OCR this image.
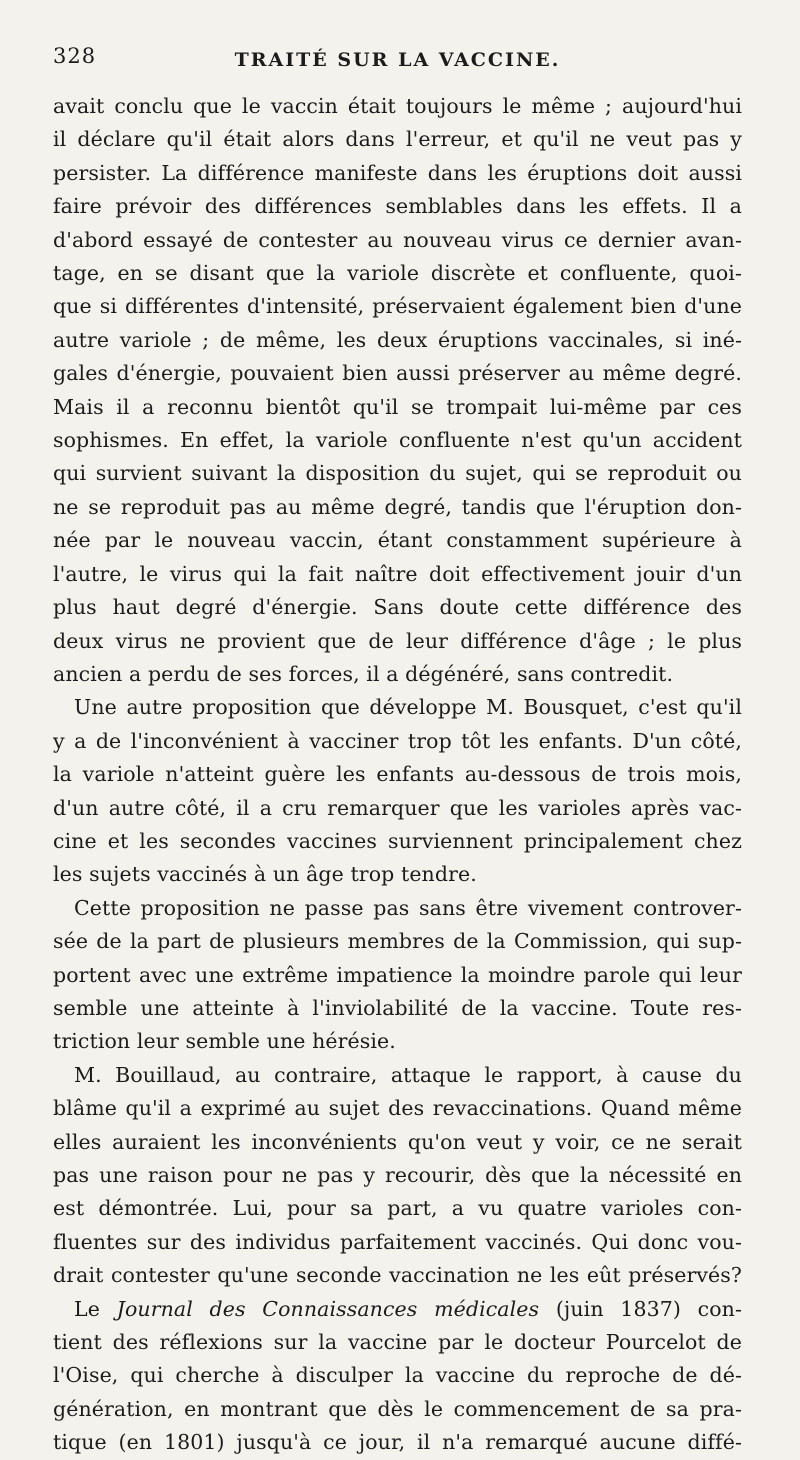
328	TRAITÉ SUR LA VACCINE.
avait conclu que le vaccin était toujours le même ; aujourd'hui
il déclare qu'il était alors dans l'erreur, et qu'il ne veut pas y
persister. La différence manifeste dans les éruptions doit aussi
faire prévoir des différences semblables dans les effets. Il a
d'abord essayé de contester au nouveau virus ce dernier avan-
tage, en se disant que la variole discrète et confluente, quoi-
que si différentes d'intensité, préservaient également bien d'une
autre variole ; de même, les deux éruptions vaccinales, si iné-
gales d'énergie, pouvaient bien aussi préserver au même degré.
Mais il a reconnu bientôt qu'il se trompait lui-même par ces
sophismes. En effet, la variole confluente n'est qu'un accident
qui survient suivant la disposition du sujet, qui se reproduit ou
ne se reproduit pas au même degré, tandis que l'éruption don-
née par le nouveau vaccin, étant constamment supérieure à
l'autre, le virus qui la fait naître doit effectivement jouir d'un
plus haut degré d'énergie. Sans doute cette différence des
deux virus ne provient que de leur différence d'âge ; le plus
ancien a perdu de ses forces, il a dégénéré, sans contredit.
Une autre proposition que développe M. Bousquet, c'est qu'il
y a de l'inconvénient à vacciner trop tôt les enfants. D'un côté,
la variole n'atteint guère les enfants au-dessous de trois mois,
d'un autre côté, il a cru remarquer que les varioles après vac-
cine et les secondes vaccines surviennent principalement chez
les sujets vaccinés à un âge trop tendre.
Cette proposition ne passe pas sans être vivement controver-
sée de la part de plusieurs membres de la Commission, qui sup-
portent avec une extrême impatience la moindre parole qui leur
semble une atteinte à l'inviolabilité de la vaccine. Toute res-
triction leur semble une hérésie.
M. Bouillaud, au contraire, attaque le rapport, à cause du
blâme qu'il a exprimé au sujet des revaccinations. Quand même
elles auraient les inconvénients qu'on veut y voir, ce ne serait
pas une raison pour ne pas y recourir, dès que la nécessité en
est démontrée. Lui, pour sa part, a vu quatre varioles con-
fluentes sur des individus parfaitement vaccinés. Qui donc vou-
drait contester qu'une seconde vaccination ne les eût préservés?
Le Journal des Connaissances médicales (juin 1837) con-
tient des réflexions sur la vaccine par le docteur Pourcelot de
l'Oise, qui cherche à disculper la vaccine du reproche de dé-
génération, en montrant que dès le commencement de sa pra-
tique (en 1801) jusqu'à ce jour, il n'a remarqué aucune diffé-
